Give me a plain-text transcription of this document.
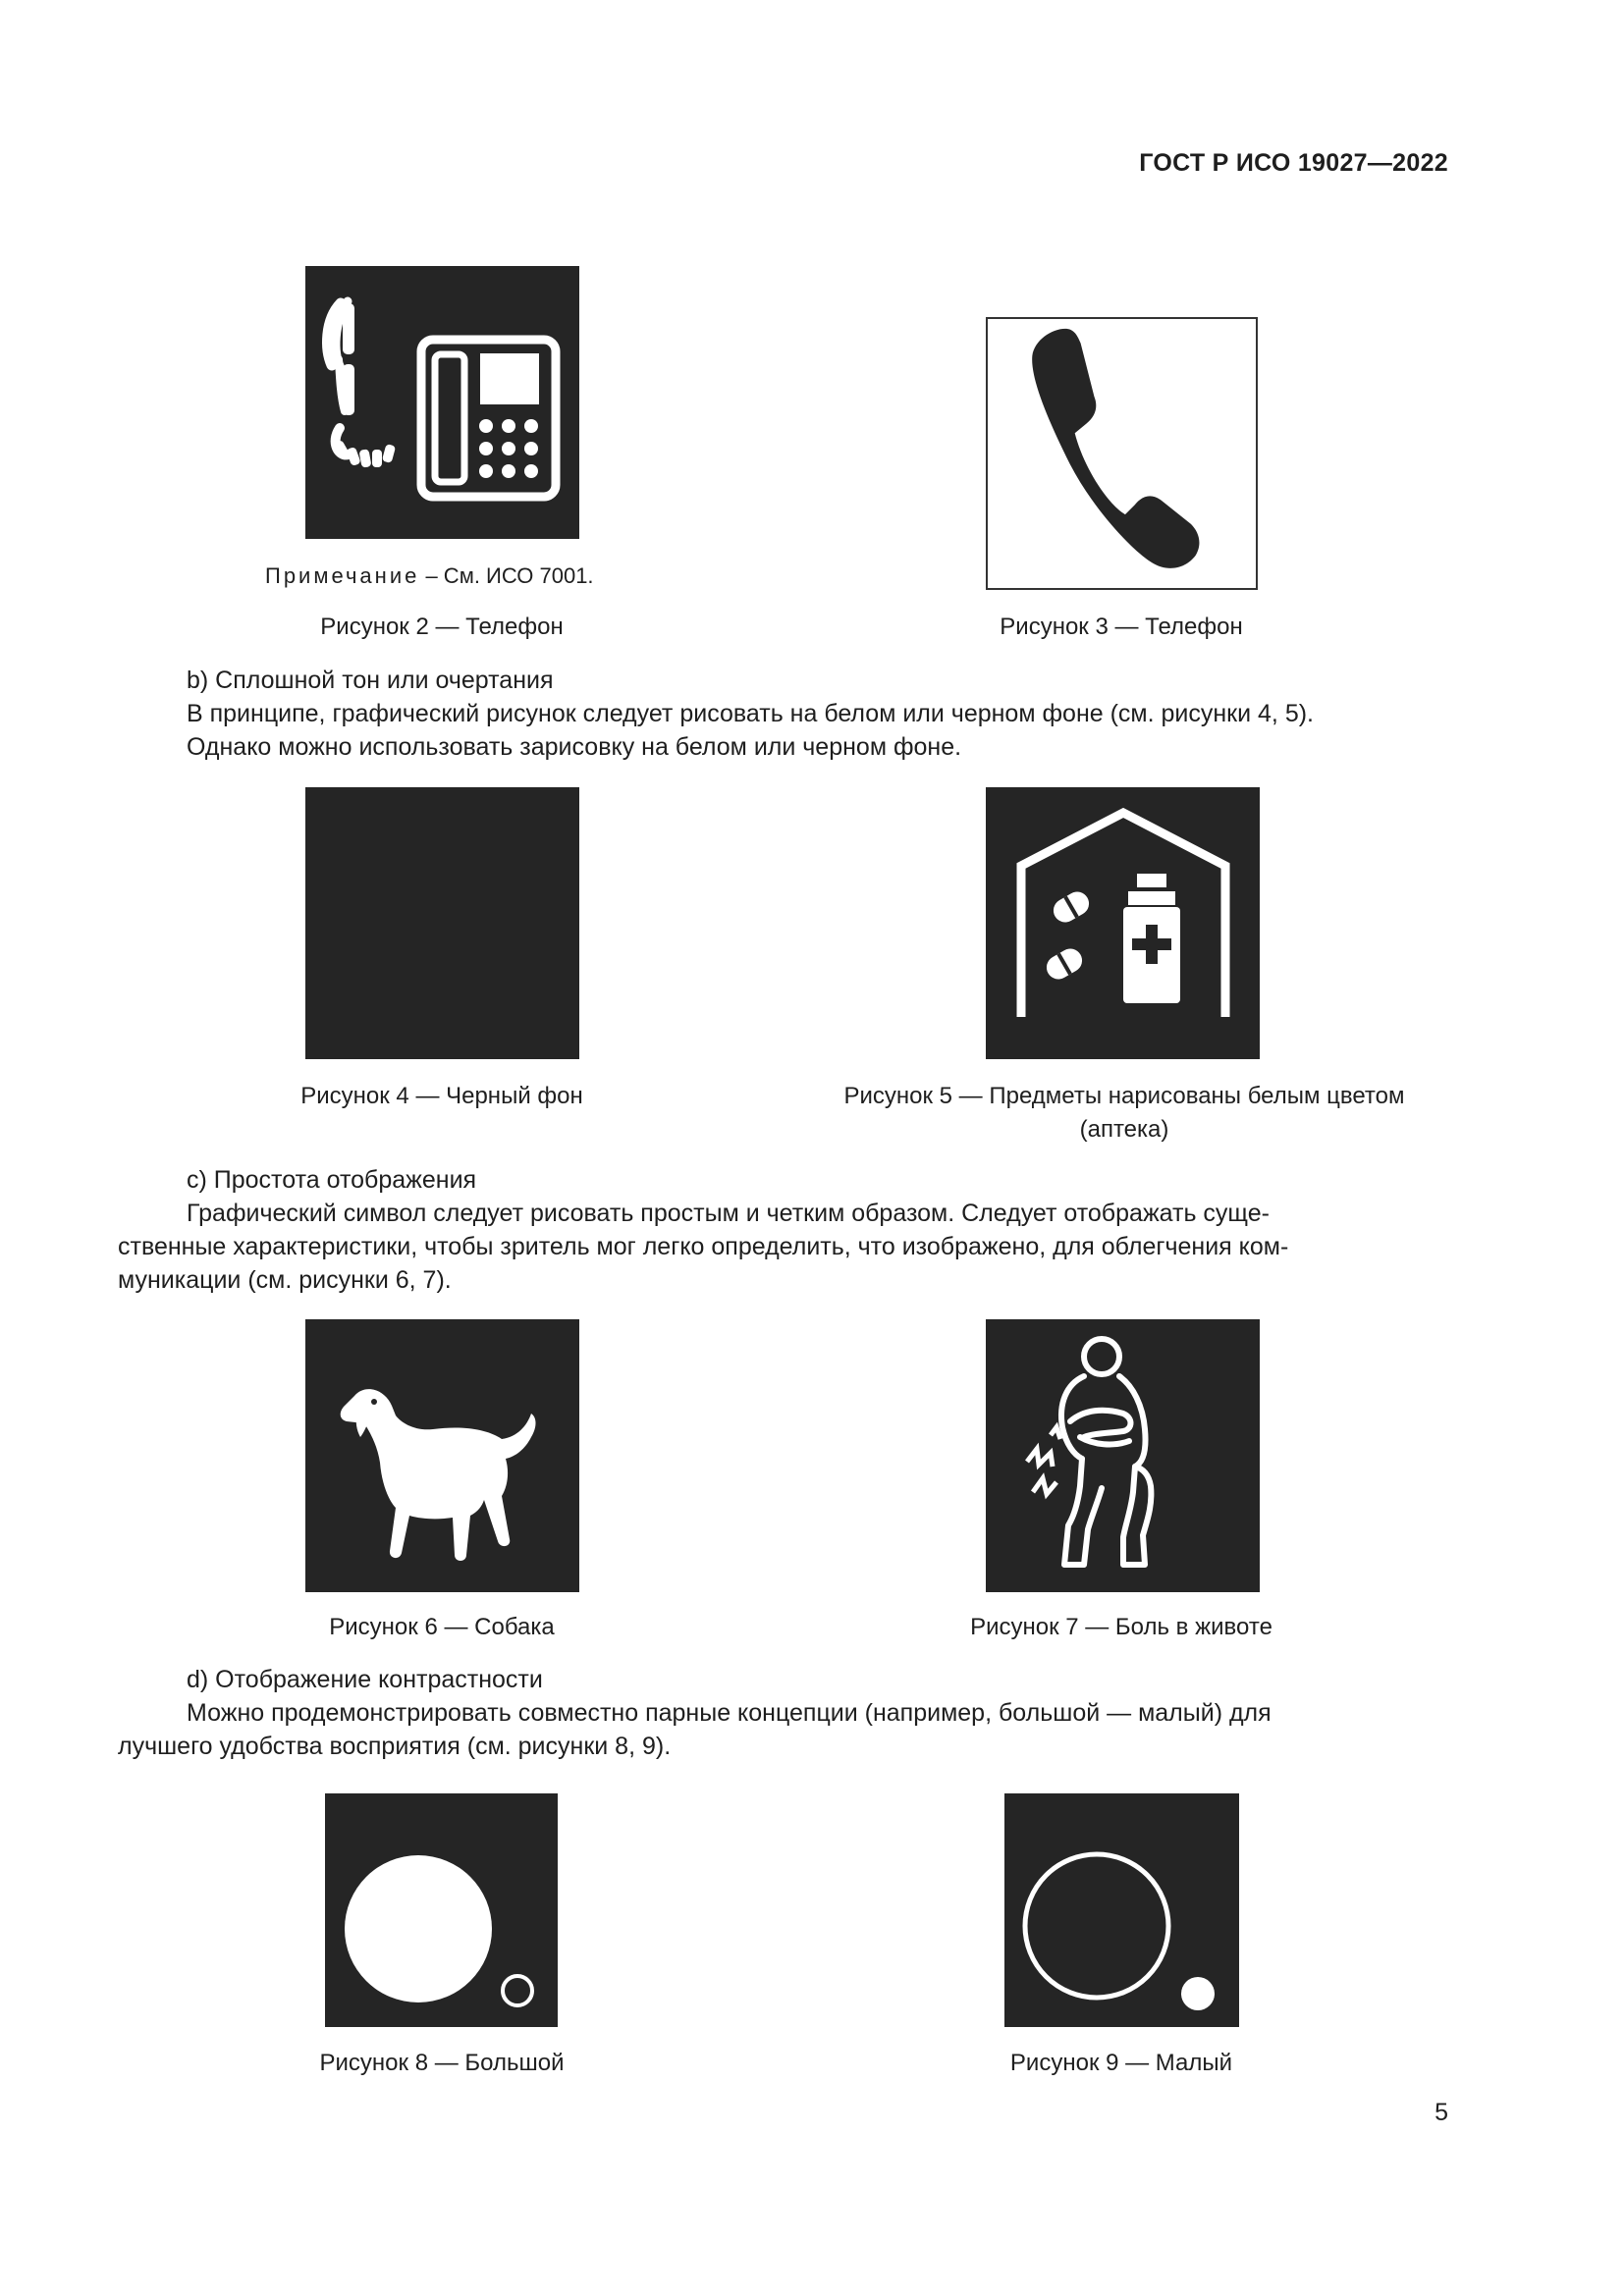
ГОСТ Р ИСО 19027—2022
Примечание – См. ИСО 7001.
Рисунок 2 — Телефон	Рисунок 3 — Телефон
b) Сплошной тон или очертания
В принципе, графический рисунок следует рисовать на белом или черном фоне (см. рисунки 4, 5).
Однако можно использовать зарисовку на белом или черном фоне.
Рисунок 4 — Черный фон	Рисунок 5 — Предметы нарисованы белым цветом
(аптека)
c) Простота отображения
Графический символ следует рисовать простым и четким образом. Следует отображать суще-
ственные характеристики, чтобы зритель мог легко определить, что изображено, для облегчения ком-
муникации (см. рисунки 6, 7).
Рисунок 6 — Собака	Рисунок 7 — Боль в животе
d) Отображение контрастности
Можно продемонстрировать совместно парные концепции (например, большой — малый) для
лучшего удобства восприятия (см. рисунки 8, 9).
Рисунок 8 — Большой	Рисунок 9 — Малый
5
